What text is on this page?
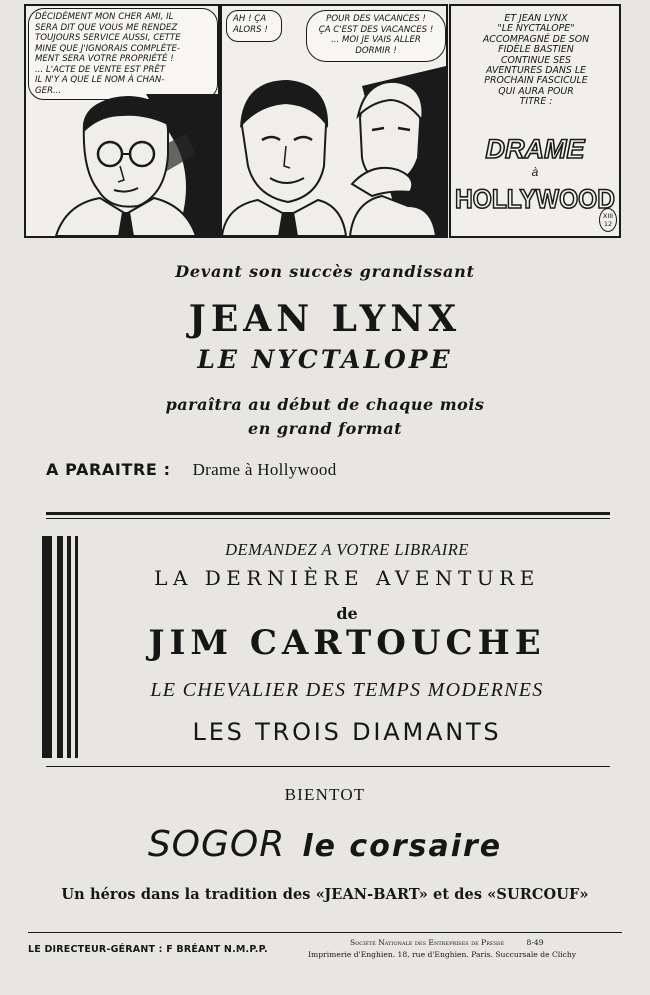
DÉCIDÉMENT MON CHER AMI, IL
SERA DIT QUE VOUS ME RENDEZ
TOUJOURS SERVICE AUSSI, CETTE
MINE QUE J'IGNORAIS COMPLÈTE-
MENT SERA VOTRE PROPRIÉTÉ !
... L'ACTE DE VENTE EST PRÊT
IL N'Y A QUE LE NOM À CHAN-
GER...
AH ! ÇA
ALORS !
POUR DES VACANCES !
ÇA C'EST DES VACANCES !
... MOI JE VAIS ALLER
DORMIR !
ET JEAN LYNX
"LE NYCTALOPE"
ACCOMPAGNÉ DE SON
FIDÈLE BASTIEN
CONTINUE SES
AVENTURES DANS LE
PROCHAIN FASCICULE
QUI AURA POUR
TITRE :
DRAME
à
HOLLYWOOD
XIII
12
Devant son succès grandissant
JEAN LYNX
LE NYCTALOPE
paraîtra au début de chaque mois
en grand format
A PARAITRE : Drame à Hollywood
DEMANDEZ A VOTRE LIBRAIRE
LA DERNIÈRE AVENTURE
de
JIM CARTOUCHE
LE CHEVALIER DES TEMPS MODERNES
LES TROIS DIAMANTS
BIENTOT
SOGOR le corsaire
Un héros dans la tradition des «JEAN-BART» et des «SURCOUF»
LE DIRECTEUR-GÉRANT : F BRÉANT N.M.P.P.
Société Nationale des Entreprises de Presse	8-49
Imprimerie d'Enghien. 18, rue d'Enghien. Paris. Succursale de Clichy
